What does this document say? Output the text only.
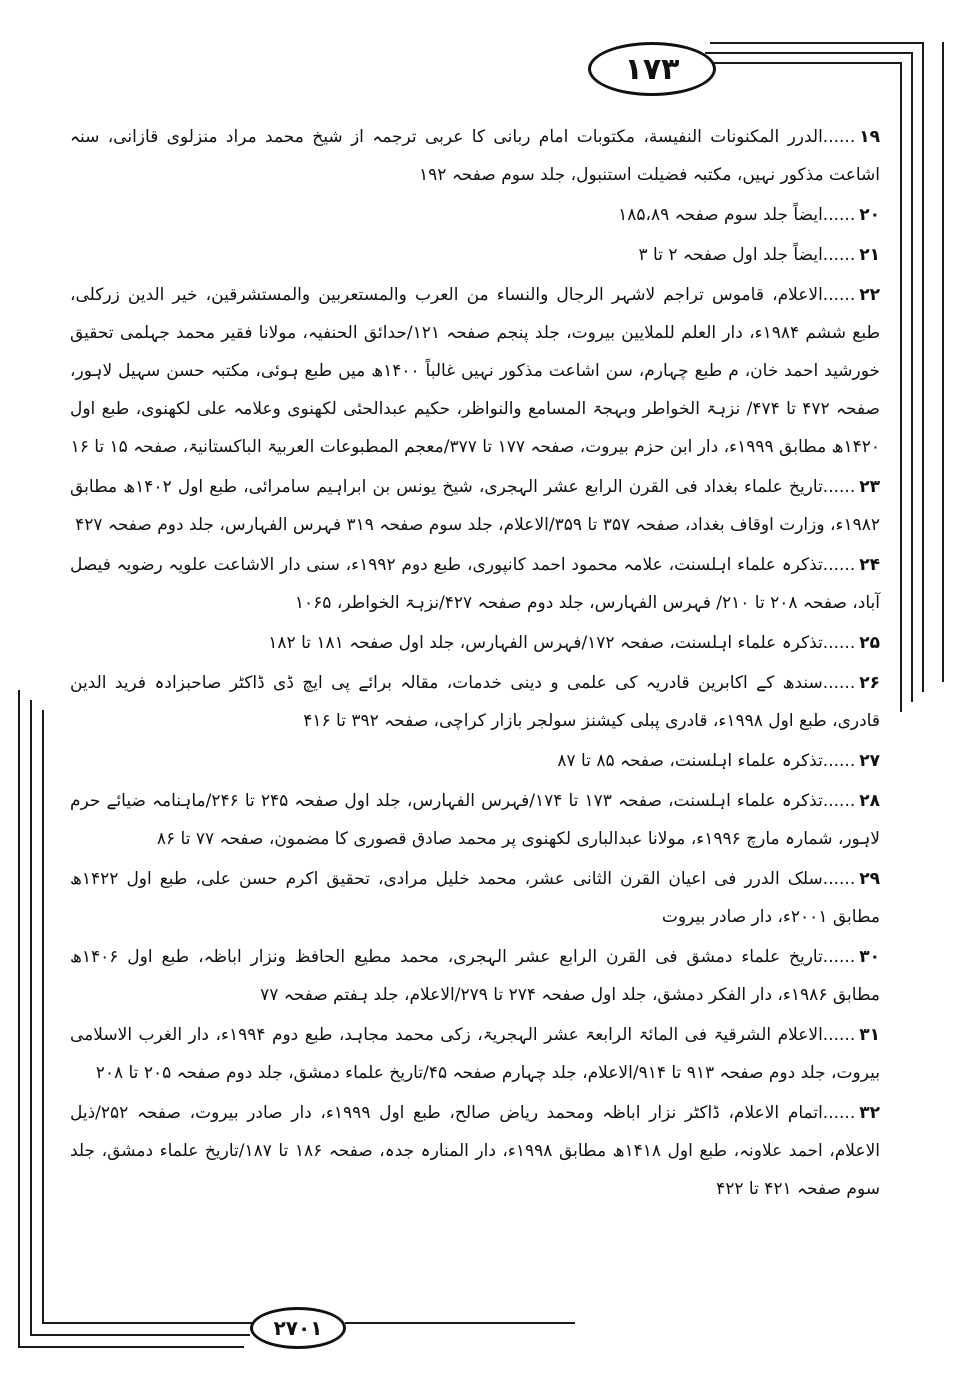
۱۷۳

۱۹......الدرر المکنونات النفیسة، مکتوبات امام ربانی کا عربی ترجمہ از شیخ محمد مراد منزلوی قازانی، سنہ اشاعت مذکور نہیں، مکتبہ فضیلت استنبول، جلد سوم صفحہ ۱۹۲

۲۰......ایضاً جلد سوم صفحہ ۱۸۵،۸۹

۲۱......ایضاً جلد اول صفحہ ۲ تا ۳

۲۲......الاعلام، قاموس تراجم لاشہر الرجال والنساء من العرب والمستعربین والمستشرقین، خیر الدین زرکلی، طبع ششم ۱۹۸۴ء، دار العلم للملایین بیروت، جلد پنجم صفحہ ۱۲۱/حدائق الحنفیہ، مولانا فقیر محمد جہلمی تحقیق خورشید احمد خان، م طبع چہارم، سن اشاعت مذکور نہیں غالباً ۱۴۰۰ھ میں طبع ہوئی، مکتبہ حسن سہیل لاہور، صفحہ ۴۷۲ تا ۴۷۴/ نزہۃ الخواطر وبہجۃ المسامع والنواظر، حکیم عبدالحئی لکھنوی وعلامہ علی لکھنوی، طبع اول ۱۴۲۰ھ مطابق ۱۹۹۹ء، دار ابن حزم بیروت، صفحہ ۱۷۷ تا ۳۷۷/معجم المطبوعات العربیۃ الباکستانیۃ، صفحہ ۱۵ تا ۱۶

۲۳......تاریخ علماء بغداد فی القرن الرابع عشر الہجری، شیخ یونس بن ابراہیم سامرائی، طبع اول ۱۴۰۲ھ مطابق ۱۹۸۲ء، وزارت اوقاف بغداد، صفحہ ۳۵۷ تا ۳۵۹/الاعلام، جلد سوم صفحہ ۳۱۹ فہرس الفہارس، جلد دوم صفحہ ۴۲۷

۲۴......تذکرہ علماء اہلسنت، علامہ محمود احمد کانپوری، طبع دوم ۱۹۹۲ء، سنی دار الاشاعت علویہ رضویہ فیصل آباد، صفحہ ۲۰۸ تا ۲۱۰/ فہرس الفہارس، جلد دوم صفحہ ۴۲۷/نزہۃ الخواطر، ۱۰۶۵

۲۵......تذکرہ علماء اہلسنت، صفحہ ۱۷۲/فہرس الفہارس، جلد اول صفحہ ۱۸۱ تا ۱۸۲

۲۶......سندھ کے اکابرین قادریہ کی علمی و دینی خدمات، مقالہ برائے پی ایچ ڈی ڈاکٹر صاحبزادہ فرید الدین قادری، طبع اول ۱۹۹۸ء، قادری پبلی کیشنز سولجر بازار کراچی، صفحہ ۳۹۲ تا ۴۱۶

۲۷......تذکرہ علماء اہلسنت، صفحہ ۸۵ تا ۸۷

۲۸......تذکرہ علماء اہلسنت، صفحہ ۱۷۳ تا ۱۷۴/فہرس الفہارس، جلد اول صفحہ ۲۴۵ تا ۲۴۶/ماہنامہ ضیائے حرم لاہور، شمارہ مارچ ۱۹۹۶ء، مولانا عبدالباری لکھنوی پر محمد صادق قصوری کا مضمون، صفحہ ۷۷ تا ۸۶

۲۹......سلک الدرر فی اعیان القرن الثانی عشر، محمد خلیل مرادی، تحقیق اکرم حسن علی، طبع اول ۱۴۲۲ھ مطابق ۲۰۰۱ء، دار صادر بیروت

۳۰......تاریخ علماء دمشق فی القرن الرابع عشر الہجری، محمد مطیع الحافظ ونزار اباظہ، طبع اول ۱۴۰۶ھ مطابق ۱۹۸۶ء، دار الفکر دمشق، جلد اول صفحہ ۲۷۴ تا ۲۷۹/الاعلام، جلد ہفتم صفحہ ۷۷

۳۱......الاعلام الشرقیۃ فی المائۃ الرابعۃ عشر الہجریۃ، زکی محمد مجاہد، طبع دوم ۱۹۹۴ء، دار الغرب الاسلامی بیروت، جلد دوم صفحہ ۹۱۳ تا ۹۱۴/الاعلام، جلد چہارم صفحہ ۴۵/تاریخ علماء دمشق، جلد دوم صفحہ ۲۰۵ تا ۲۰۸

۳۲......اتمام الاعلام، ڈاکٹر نزار اباظہ ومحمد ریاض صالح، طبع اول ۱۹۹۹ء، دار صادر بیروت، صفحہ ۲۵۲/ذیل الاعلام، احمد علاونہ، طبع اول ۱۴۱۸ھ مطابق ۱۹۹۸ء، دار المنارہ جدہ، صفحہ ۱۸۶ تا ۱۸۷/تاریخ علماء دمشق، جلد سوم صفحہ ۴۲۱ تا ۴۲۲

۲۷۰۱
